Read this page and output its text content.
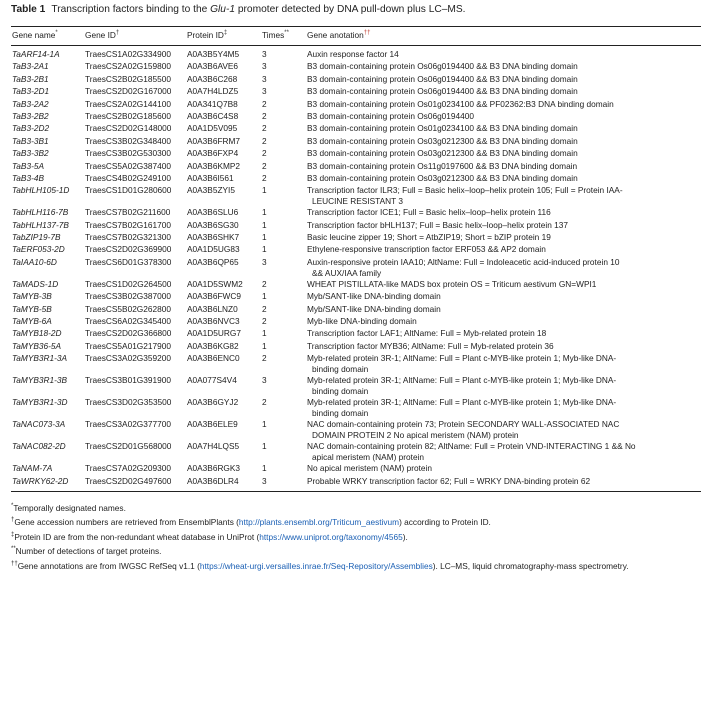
Table 1 Transcription factors binding to the Glu-1 promoter detected by DNA pull-down plus LC–MS.
Gene name*	Gene ID†	Protein ID‡	Times**	Gene anotation††
TaARF14-1A	TraesCS1A02G334900	A0A3B5Y4M5	3	Auxin response factor 14

TaB3-2A1	TraesCS2A02G159800	A0A3B6AVE6	3	B3 domain-containing protein Os06g0194400 && B3 DNA binding domain

TaB3-2B1	TraesCS2B02G185500	A0A3B6C268	3	B3 domain-containing protein Os06g0194400 && B3 DNA binding domain

TaB3-2D1	TraesCS2D02G167000	A0A7H4LDZ5	3	B3 domain-containing protein Os06g0194400 && B3 DNA binding domain

TaB3-2A2	TraesCS2A02G144100	A0A341Q7B8	2	B3 domain-containing protein Os01g0234100 && PF02362:B3 DNA binding domain

TaB3-2B2	TraesCS2B02G185600	A0A3B6C4S8	2	B3 domain-containing protein Os06g0194400

TaB3-2D2	TraesCS2D02G148000	A0A1D5V095	2	B3 domain-containing protein Os01g0234100 && B3 DNA binding domain

TaB3-3B1	TraesCS3B02G348400	A0A3B6FRM7	2	B3 domain-containing protein Os03g0212300 && B3 DNA binding domain

TaB3-3B2	TraesCS3B02G530300	A0A3B6FXP4	2	B3 domain-containing protein Os03g0212300 && B3 DNA binding domain

TaB3-5A	TraesCS5A02G387400	A0A3B6KMP2	2	B3 domain-containing protein Os11g0197600 && B3 DNA binding domain

TaB3-4B	TraesCS4B02G249100	A0A3B6I561	2	B3 domain-containing protein Os03g0212300 && B3 DNA binding domain

TabHLH105-1D	TraesCS1D01G280600	A0A3B5ZYI5	1	Transcription factor ILR3; Full = Basic helix–loop–helix protein 105; Full = Protein IAA-
LEUCINE RESISTANT 3

TabHLH116-7B	TraesCS7B02G211600	A0A3B6SLU6	1	Transcription factor ICE1; Full = Basic helix–loop–helix protein 116

TabHLH137-7B	TraesCS7B02G161700	A0A3B6SG30	1	Transcription factor bHLH137; Full = Basic helix–loop–helix protein 137

TabZIP19-7B	TraesCS7B02G321300	A0A3B6SHK7	1	Basic leucine zipper 19; Short = AtbZIP19; Short = bZIP protein 19

TaERF053-2D	TraesCS2D02G369900	A0A1D5UG83	1	Ethylene-responsive transcription factor ERF053 && AP2 domain

TaIAA10-6D	TraesCS6D01G378300	A0A3B6QP65	3	Auxin-responsive protein IAA10; AltName: Full = Indoleacetic acid-induced protein 10
&& AUX/IAA family

TaMADS-1D	TraesCS1D02G264500	A0A1D5SWM2	2	WHEAT PISTILLATA-like MADS box protein OS = Triticum aestivum GN=WPI1

TaMYB-3B	TraesCS3B02G387000	A0A3B6FWC9	1	Myb/SANT-like DNA-binding domain

TaMYB-5B	TraesCS5B02G262800	A0A3B6LNZ0	2	Myb/SANT-like DNA-binding domain

TaMYB-6A	TraesCS6A02G345400	A0A3B6NVC3	2	Myb-like DNA-binding domain

TaMYB18-2D	TraesCS2D02G366800	A0A1D5URG7	1	Transcription factor LAF1; AltName: Full = Myb-related protein 18

TaMYB36-5A	TraesCS5A01G217900	A0A3B6KG82	1	Transcription factor MYB36; AltName: Full = Myb-related protein 36

TaMYB3R1-3A	TraesCS3A02G359200	A0A3B6ENC0	2	Myb-related protein 3R-1; AltName: Full = Plant c-MYB-like protein 1; Myb-like DNA-
binding domain

TaMYB3R1-3B	TraesCS3B01G391900	A0A077S4V4	3	Myb-related protein 3R-1; AltName: Full = Plant c-MYB-like protein 1; Myb-like DNA-
binding domain

TaMYB3R1-3D	TraesCS3D02G353500	A0A3B6GYJ2	2	Myb-related protein 3R-1; AltName: Full = Plant c-MYB-like protein 1; Myb-like DNA-
binding domain

TaNAC073-3A	TraesCS3A02G377700	A0A3B6ELE9	1	NAC domain-containing protein 73; Protein SECONDARY WALL-ASSOCIATED NAC
DOMAIN PROTEIN 2 No apical meristem (NAM) protein

TaNAC082-2D	TraesCS2D01G568000	A0A7H4LQS5	1	NAC domain-containing protein 82; AltName: Full = Protein VND-INTERACTING 1 && No
apical meristem (NAM) protein

TaNAM-7A	TraesCS7A02G209300	A0A3B6RGK3	1	No apical meristem (NAM) protein

TaWRKY62-2D	TraesCS2D02G497600	A0A3B6DLR4	3	Probable WRKY transcription factor 62; Full = WRKY DNA-binding protein 62
*Temporally designated names.
†Gene accession numbers are retrieved from EnsemblPlants (http://plants.ensembl.org/Triticum_aestivum) according to Protein ID.
‡Protein ID are from the non-redundant wheat database in UniProt (https://www.uniprot.org/taxonomy/4565).
**Number of detections of target proteins.
††Gene annotations are from IWGSC RefSeq v1.1 (https://wheat-urgi.versailles.inrae.fr/Seq-Repository/Assemblies). LC–MS, liquid chromatography-mass spectrometry.
